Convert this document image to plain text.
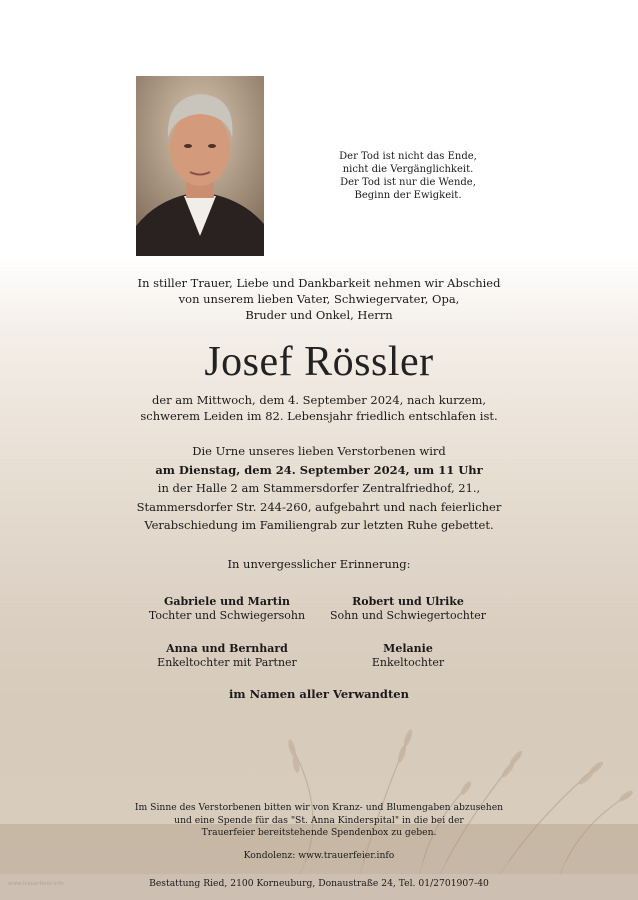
Der Tod ist nicht das Ende,
nicht die Vergänglichkeit.
Der Tod ist nur die Wende,
Beginn der Ewigkeit.
In stiller Trauer, Liebe und Dankbarkeit nehmen wir Abschied
von unserem lieben Vater, Schwiegervater, Opa,
Bruder und Onkel, Herrn
Josef Rössler
der am Mittwoch, dem 4. September 2024, nach kurzem,
schwerem Leiden im 82. Lebensjahr friedlich entschlafen ist.
Die Urne unseres lieben Verstorbenen wird
am Dienstag, dem 24. September 2024, um 11 Uhr
in der Halle 2 am Stammersdorfer Zentralfriedhof, 21.,
Stammersdorfer Str. 244-260, aufgebahrt und nach feierlicher
Verabschiedung im Familiengrab zur letzten Ruhe gebettet.
In unvergesslicher Erinnerung:
Gabriele und Martin
Tochter und Schwiegersohn
Robert und Ulrike
Sohn und Schwiegertochter
Anna und Bernhard
Enkeltochter mit Partner
Melanie
Enkeltochter
im Namen aller Verwandten
Im Sinne des Verstorbenen bitten wir von Kranz- und Blumengaben abzusehen
und eine Spende für das "St. Anna Kinderspital" in die bei der
Trauerfeier bereitstehende Spendenbox zu geben.
Kondolenz: www.trauerfeier.info
Bestattung Ried, 2100 Korneuburg, Donaustraße 24, Tel. 01/2701907-40
www.trauerfeier.info
